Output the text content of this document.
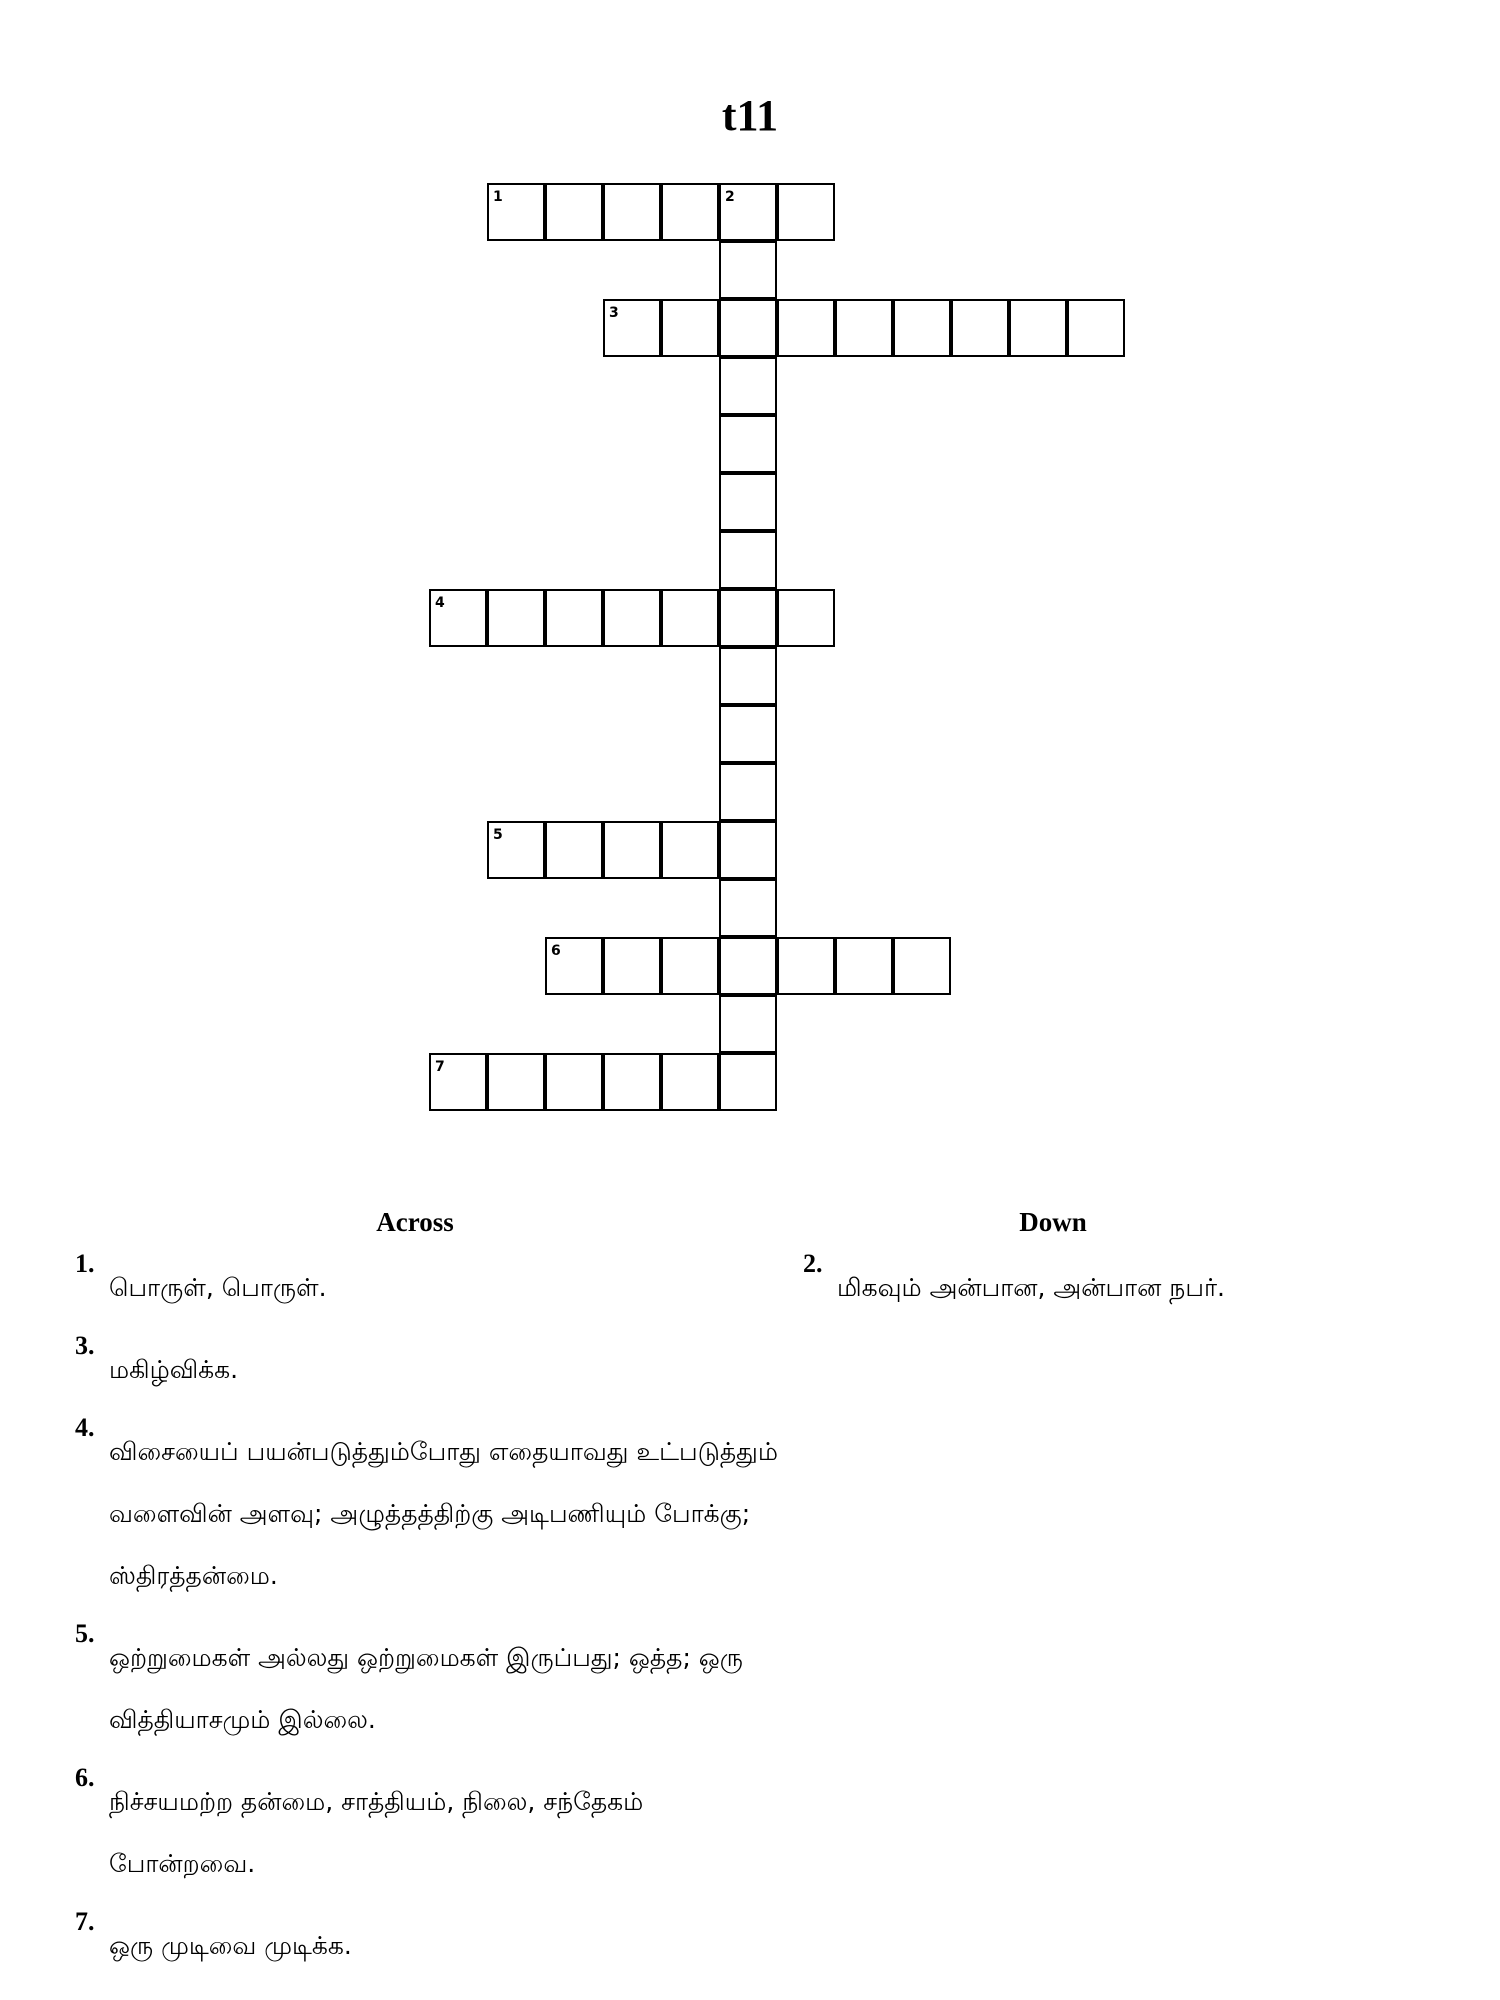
t11
1	2
3
4
5
6
7
Across
1.
பொருள், பொருள்.
3.
மகிழ்விக்க.
4.
விசையைப் பயன்படுத்தும்போது எதையாவது உட்படுத்தும் வளைவின் அளவு; அழுத்தத்திற்கு அடிபணியும் போக்கு; ஸ்திரத்தன்மை.
5.
ஒற்றுமைகள் அல்லது ஒற்றுமைகள் இருப்பது; ஒத்த; ஒரு வித்தியாசமும் இல்லை.
6.
நிச்சயமற்ற தன்மை, சாத்தியம், நிலை, சந்தேகம் போன்றவை.
7.
ஒரு முடிவை முடிக்க.
Down
2.
மிகவும் அன்பான, அன்பான நபர்.
